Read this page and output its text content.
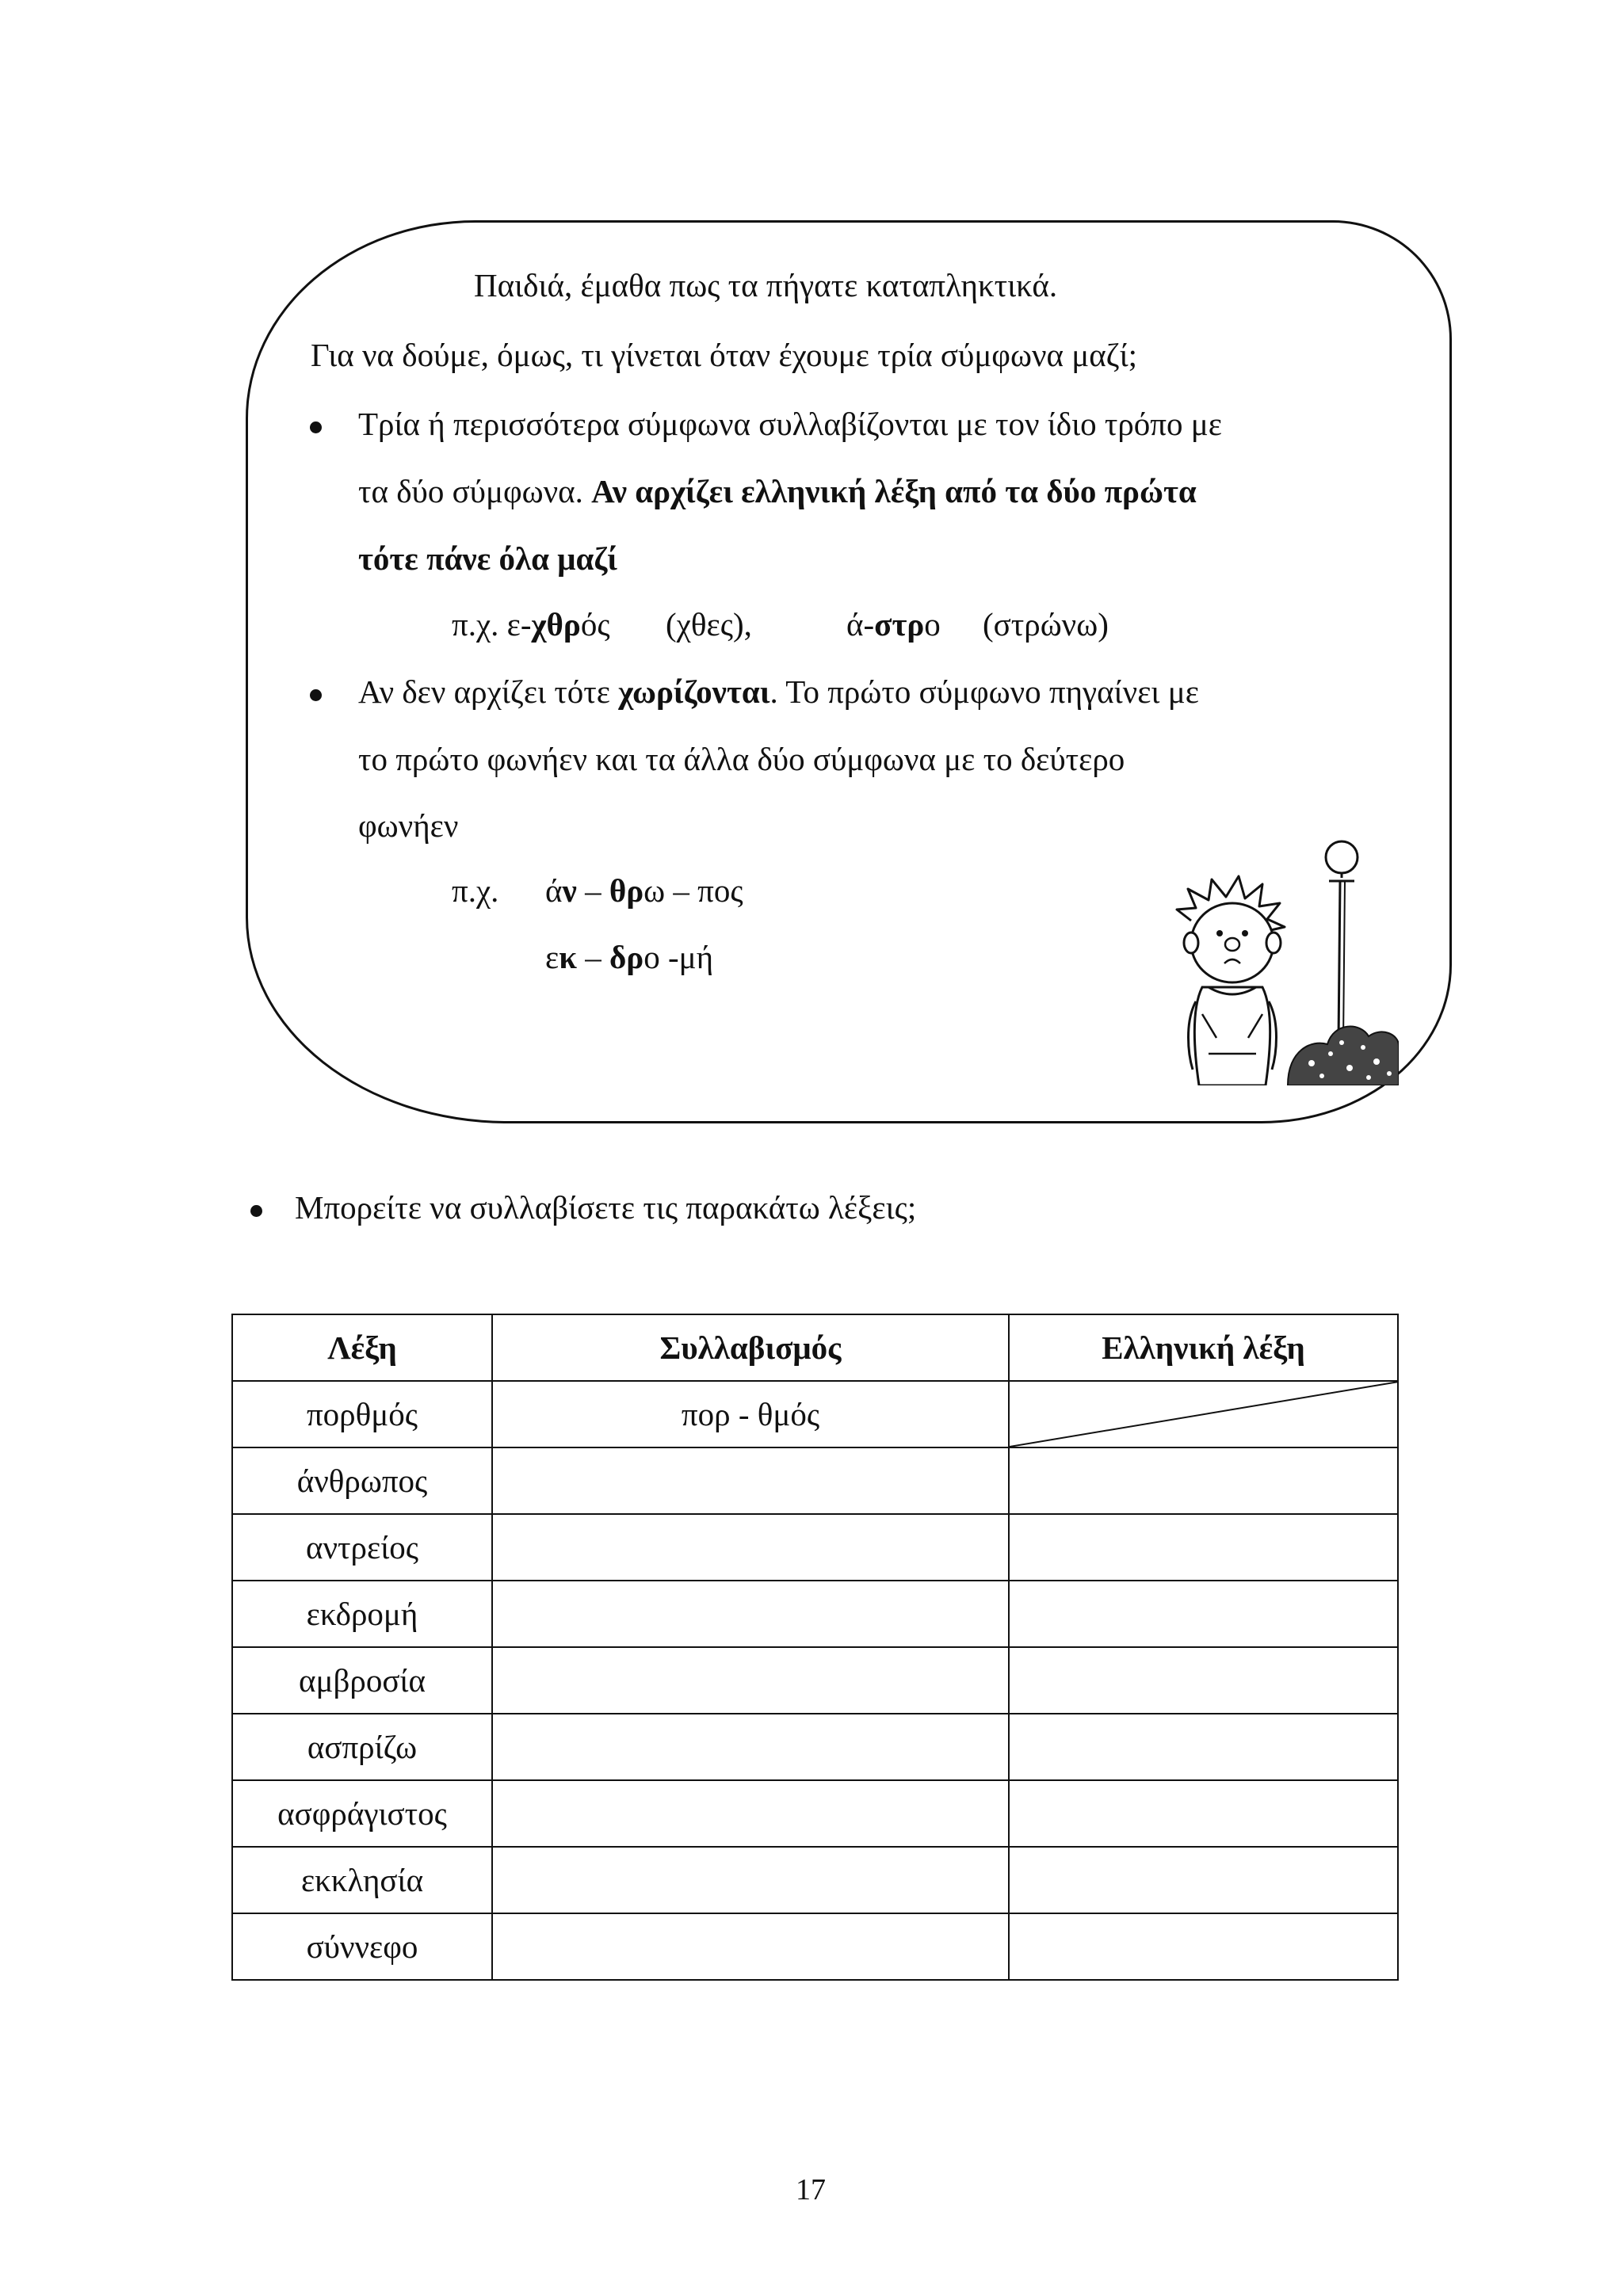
Παιδιά, έμαθα πως τα πήγατε καταπληκτικά.
Για να δούμε, όμως, τι γίνεται όταν έχουμε τρία σύμφωνα μαζί;
Τρία ή περισσότερα σύμφωνα συλλαβίζονται με τον ίδιο τρόπο με
τα δύο σύμφωνα. Αν αρχίζει ελληνική λέξη από τα δύο πρώτα
τότε πάνε όλα μαζί
π.χ. ε-χθρός (χθες),	ά-στρο (στρώνω)
Αν δεν αρχίζει τότε χωρίζονται. Το πρώτο σύμφωνο πηγαίνει με
το πρώτο φωνήεν και τα άλλα δύο σύμφωνα με το δεύτερο
φωνήεν
π.χ. άν – θρω – πος
εκ – δρο -μή
Μπορείτε να συλλαβίσετε τις παρακάτω λέξεις;
Λέξη	Συλλαβισμός	Ελληνική λέξη
πορθμός	πορ - θμός	

άνθρωπος		
αντρείος		
εκδρομή		
αμβροσία		
ασπρίζω		
ασφράγιστος		
εκκλησία		
σύννεφο		
17
